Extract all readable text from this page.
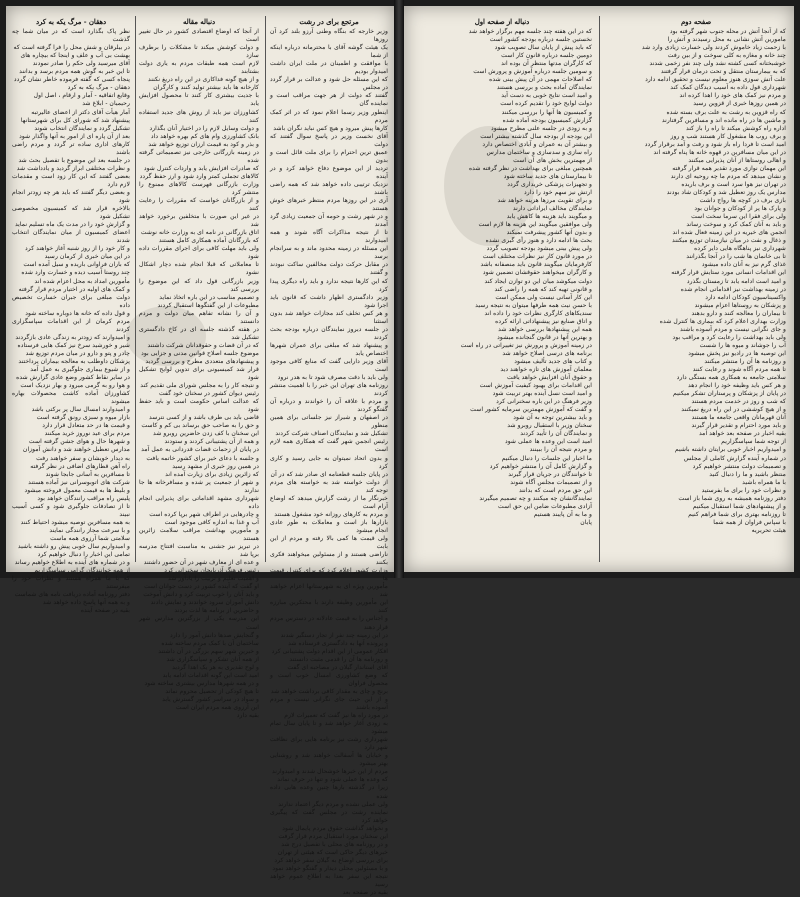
مرتجع برای در رشت
وزیر خارجه که بنگاه وطنی آرزو بلند کرد آن روزها
یک هیئت گوشه آقای با محترمانه درباره اینکه از شما
با موافقت و اطمینان در ملت ایران داشت امیدوار بودیم
که این مسئله حل شود و عدالت بر قرار گردد در مجلس
گفتند که دولت از هر جهت مراقب است و نماینده گان
اینطور وزیر رسما اعلام نمود که در اثر کمک مردم
کارها پیش میرود و هیچ کس نباید نگران باشد
آقای نخست وزیر در پاسخ سوال گفتند که دولت
عمیق ترین احترام را برای ملت قائل است و بدون
تردید از این موضوع دفاع خواهد کرد و در آینده
نزدیک ترتیبی داده خواهد شد که همه راضی باشند
آری در این روزها مردم منتظر خبرهای خوش هستند
و در شهر رشت و حومه آن جمعیت زیادی گرد آمدند
تا از نتیجه مذاکرات آگاه شوند و همه امیدوارند
این مسئله در زمینه محدود ماند و به سرانجام برسد
در مقابل حرکت دولت مخالفین ساکت نبودند و گفتند
که این کارها نتیجه ندارد و باید راه دیگری پیدا کرد
وزیر دادگستری اظهار داشت که قانون باید اجرا شود
و هر کس تخلف کند مجازات خواهد شد بدون استثنا
در جلسه دیروز نمایندگان درباره بودجه بحث کردند
و پیشنهاد شد که مبلغی برای عمران شهرها اختصاص یابد
آقای وزیر دارایی گفت که منابع کافی موجود است
ولی باید با دقت مصرف شود تا به هدر نرود
روزنامه های تهران این خبر را با اهمیت منتشر کردند
و مردم با علاقه آن را خواندند و درباره آن گفتگو کردند
در اصفهان و شیراز نیز جلساتی برای همین منظور
تشکیل شد و نمایندگان اصناف شرکت کردند
رئیس انجمن شهر گفت که همکاری همه لازم است
و بدون اتحاد نمیتوان به جایی رسید و کاری کرد
در پایان جلسه قطعنامه ای صادر شد که در آن
از دولت خواسته شد به خواسته های مردم توجه کند
خبرنگار ما از رشت گزارش میدهد که اوضاع آرام است
و مردم به کارهای روزانه خود مشغول هستند
بازارها باز است و معاملات به طور عادی انجام میشود
ولی قیمت ها کمی بالا رفته و مردم از این بابت
ناراضی هستند و از مسئولین میخواهند فکری بکنند
وزارت کشور اعلام کرد که برای کنترل قیمت ها
مأمورین ویژه ای به شهرستانها اعزام خواهند شد
این مأمورین وظیفه دارند با محتکرین مبارزه کنند
و اجناس را به قیمت عادلانه در دسترس مردم قرار دهند
در این زمینه چند نفر از تجار دستگیر شدند
و پرونده آنها به دادگستری فرستاده شد
افکار عمومی از این اقدام دولت پشتیبانی کرد
و روزنامه ها آن را قدمی مثبت دانستند
آقای استاندار گیلان در مصاحبه ای گفت
که وضع کشاورزی امسال خوب است و محصول فراوان
برنج و چای به مقدار کافی برداشت خواهد شد
و از این حیث جای نگرانی نیست و مردم آسوده باشند
در مورد راه ها نیز گفت که تعمیرات لازم
به زودی آغاز خواهد شد و تا پایان سال تمام میشود
شهرداری رشت نیز برنامه هایی برای نظافت شهر دارد
و خیابان ها آسفالت خواهند شد و روشنایی بهتر میشود
مردم از این خبرها خوشحال شدند و امیدوارند
که وعده ها عملی شود و تنها در حرف نماند
زیرا در گذشته بارها چنین وعده هایی داده شده
ولی عملی نشده و مردم دیگر اعتماد ندارند
نماینده رشت در مجلس گفت که پیگیری خواهد کرد
و نخواهد گذاشت حقوق مردم پایمال شود
این سخنان مورد استقبال مردم قرار گرفت
و در روزنامه های محلی با تفصیل درج شد
خبرهای دیگر حاکی است که هیئتی از تهران
برای بررسی اوضاع به گیلان سفر خواهد کرد
و با مسئولین محلی دیدار و گفتگو خواهد نمود
نتیجه این سفر بعدا به اطلاع عموم خواهد رسید
بقیه در صفحه بعد
دنباله مقاله
از آنجا که اوضاع اقتصادی کشور در حال تغییر است
و دولت کوشش میکند تا مشکلات را برطرف سازد
لازم است همه طبقات مردم به یاری دولت بشتابند
و از هیچ گونه فداکاری در این راه دریغ نکنند
کارخانه ها باید بیشتر تولید کنند و کارگران
با جدیت بیشتری کار کنند تا محصول افزایش یابد
کشاورزان نیز باید از روش های جدید استفاده کنند
و دولت وسایل لازم را در اختیار آنان بگذارد
بانک کشاورزی وام های کم بهره خواهد داد
و بذر و کود به قیمت ارزان توزیع خواهد شد
در زمینه بازرگانی خارجی نیز تصمیماتی گرفته شده
که صادرات افزایش یابد و واردات کنترل شود
کالاهای تجملی کمتر وارد شود و ارز حفظ گردد
وزارت بازرگانی فهرست کالاهای ممنوع را منتشر کرد
و از بازرگانان خواست که مقررات را رعایت کنند
در غیر این صورت با متخلفین برخورد خواهد شد
اتاق بازرگانی در نامه ای به وزارت خانه نوشت
که بازرگانان آماده همکاری کامل هستند
ولی باید مهلت کافی برای اجرای مقررات داده شود
تا معاملاتی که قبلا انجام شده دچار اشکال نشود
وزیر بازرگانی قول داد که این موضوع را بررسی کند
و تصمیم مناسب در این باره اتخاذ نماید
مطبوعات از این گفتگوها استقبال کردند
و آن را نشانه تفاهم میان دولت و مردم دانستند
در هفته گذشته جلسه ای در کاخ دادگستری تشکیل شد
که در آن قضات و حقوقدانان شرکت داشتند
موضوع جلسه اصلاح قوانین مدنی و جزایی بود
و پیشنهادهای متعددی مطرح و بررسی گردید
قرار شد کمیسیونی برای تدوین لوایح تشکیل شود
و نتیجه کار را به مجلس شورای ملی تقدیم کند
رئیس دیوان کشور در سخنان خود گفت
که عدالت اساس حکومت است و باید حفظ شود
قاضی باید بی طرف باشد و از کسی نترسد
و حق را به صاحب حق برساند بی کم و کاست
این سخنان با کف زدن حاضرین روبرو شد
و همه از آن پشتیبانی کردند و ستودند
در پایان از زحمات قضات قدردانی به عمل آمد
و جلسه با دعای خیر برای کشور خاتمه یافت
در همین روز خبری از مشهد رسید
که زائرین زیادی برای زیارت آمده اند
و شهر از جمعیت پر شده و مسافرخانه ها جا ندارند
شهرداری مشهد اقداماتی برای پذیرایی انجام داده
و چادرهایی در اطراف شهر برپا کرده است
آب و غذا به اندازه کافی موجود است
و مأمورین بهداشت مراقب سلامت زائرین هستند
در تبریز نیز جشنی به مناسبت افتتاح مدرسه برپا شد
و عده ای از معارف شهر در آن حضور داشتند
رئیس فرهنگ آذربایجان سخنرانی کرد
و اهمیت تعلیم و تربیت را یادآور شد
او گفت که آینده کشور در دست جوانان است
و باید آنان را خوب تربیت کرد و دانش آموخت
دانش آموزان سرود خواندند و نمایش دادند
و حاضرین از برنامه ها لذت بردند
این مدرسه یکی از بزرگترین مدارس شهر است
و گنجایش صدها دانش آموز را دارد
ساختمان آن با کمک مردم ساخته شده
و خیرین شهر سهم بزرگی در آن داشتند
از همه آنان تشکر و سپاسگزاری شد
و لوح تقدیری به هر یک اهدا گردید
امید است این گونه اقدامات ادامه یابد
و در همه شهرها مدارس بیشتری ساخته شود
تا هیچ کودکی از تحصیل محروم نماند
و سواد در سراسر کشور گسترش یابد
این آرزوی همه مردم ایران است
بقیه دارد
دهقان - مرگ یکه به کرد
نظر پاک بگذارد است که در میان شما چه گذشت
در بیلرقان و شش محل را فرا گرفته است که
بهشت بی آب و علف و اینجا که بیچاره های
آقای میرسید ولی حکم را صادر نمودند
تا این خبر به گوش همه مردم برسد و بدانند
پنجاه کسی که گفته فرموده خاطر نشان گردد
دهقان - مرگ یکه به کرد
وقایع اتفاقیه - آمار و ارقام ، اصل اول
رحیمیان - ابلاغ شد
آمار هیأت آقای دکتر از اعضای عالیرتبه
پیشنهاد شد که شورای کل برای شهرستانها
تشکیل گردد و نمایندگان انتخاب شوند
بعد از آن پاره ای از امور به آنها واگذار شود
کارهای اداری ساده تر گردد و مردم راضی باشند
در جلسه بعد این موضوع با تفصیل بحث شد
و نظرات مختلفی ابراز گردید و یادداشت شد
بعضی گفتند که این کار زود است و مقدمات لازم دارد
و بعضی دیگر گفتند که باید هر چه زودتر انجام شود
بالاخره قرار شد که کمیسیون مخصوصی تشکیل شود
و گزارش خود را در مدت یک ماه تسلیم نماید
اعضای کمیسیون از میان نمایندگان انتخاب شدند
و کار خود را از روز شنبه آغاز خواهند کرد
در این میان خبری از کرمان رسید
که باران فراوانی باریده و سیل آمده است
چند روستا آسیب دیده و خسارت وارد شده
مأمورین امداد به محل اعزام شده اند
و کمک های اولیه در اختیار مردم قرار گرفته
دولت مبلغی برای جبران خسارت تخصیص داده
و قول داده که خانه ها دوباره ساخته شود
مردم کرمان از این اقدامات سپاسگزاری کردند
و امیدوارند که زودتر به زندگی عادی بازگردند
شیر و خورشید سرخ نیز کمک هایی فرستاده
چادر و پتو و دارو در میان مردم توزیع شد
پزشکان داوطلب به معالجه بیماران پرداختند
و از شیوع بیماری جلوگیری به عمل آمد
در سایر نقاط کشور وضع عادی گزارش شده
و هوا رو به گرمی میرود و بهار نزدیک است
کشاورزان آماده کاشت محصولات بهاره میشوند
و امیدوارند امسال سال پر برکتی باشد
بازار میوه و سبزی رونق گرفته است
و قیمت ها در حد متعادل قرار دارد
مردم برای عید نوروز خرید میکنند
و شهرها حال و هوای جشن گرفته است
مدارس تعطیل خواهند شد و دانش آموزان
به دیدار خویشان و سفر خواهند رفت
راه آهن قطارهای اضافی در نظر گرفته
تا مسافرین به آسانی جابجا شوند
شرکت های اتوبوسرانی نیز آماده هستند
و بلیط ها به قیمت معمول فروخته میشود
پلیس راه مراقب رانندگان خواهد بود
تا از تصادفات جلوگیری شود و کسی آسیب نبیند
به همه مسافرین توصیه میشود احتیاط کنند
و با سرعت مجاز رانندگی نمایند
سلامتی شما آرزوی همه ماست
و امیدواریم سال خوبی پیش رو داشته باشید
تمامی این اخبار را دنبال خواهیم کرد
و در شماره های آینده به اطلاع خواهیم رساند
از همه خوانندگان گرامی سپاسگزاریم
که با ما همراه هستند و نظرات خود را میفرستند
دفتر روزنامه آماده دریافت نامه های شماست
و به همه آنها پاسخ داده خواهد شد
بقیه در صفحه آینده
صفحه دوم
که از آنجا آتش در محله جنوب شهر گرفته بود
مامورین آتش نشانی به محل رسیدند و آتش را
با زحمت زیاد خاموش کردند ولی خسارت زیادی وارد شد
چند خانه و مغازه به کلی سوخت و از بین رفت
خوشبختانه کسی کشته نشد ولی چند نفر زخمی شدند
که به بیمارستان منتقل و تحت درمان قرار گرفتند
علت آتش سوزی هنوز معلوم نیست و تحقیق ادامه دارد
شهرداری قول داده به آسیب دیدگان کمک کند
و مردم نیز کمک های خود را اهدا کرده اند
در همین روزها خبری از قزوین رسید
که راه قزوین به رشت به علت برف بسته شده
و ماشین ها در راه مانده اند و مسافرین گرفتارند
اداره راه کوشش میکند تا راه را باز کند
و برف روب ها مشغول کار هستند شب و روز
امید است تا فردا راه باز شود و رفت و آمد برقرار گردد
در این میان مسافرین در قهوه خانه ها پناه گرفته اند
و اهالی روستاها از آنان پذیرایی میکنند
این مهمان نوازی مورد تقدیر همه قرار گرفته
و نشان میدهد که مردم ما چه روحیه ای دارند
در تهران نیز هوا سرد است و برف باریده
مدارس یک روز تعطیل شد و کودکان شاد بودند
بازی برف در کوچه ها رواج داشت
و پارک ها پر از کودکان و جوانان بود
ولی برای فقرا این سرما سخت است
و باید به آنان کمک کرد و سوخت رساند
انجمن های خیریه در این زمینه فعال شده اند
و ذغال و نفت در میان نیازمندان توزیع میکنند
شهرداری نیز پناهگاه هایی دایر کرده
تا بی خانمان ها شب را در آنجا بگذرانند
غذای گرم نیز به آنان داده میشود
این اقدامات انسانی مورد ستایش قرار گرفته
و امید است ادامه یابد تا زمستان بگذرد
در زمینه بهداشت نیز اقداماتی انجام شده
واکسیناسیون کودکان ادامه دارد
و پزشکان به روستاها اعزام میشوند
تا بیماران را معالجه کنند و دارو بدهند
وزارت بهداری اعلام کرد که بیماری ها کنترل شده
و جای نگرانی نیست و مردم آسوده باشند
ولی باید بهداشت را رعایت کرد و مراقب بود
آب را جوشاند و میوه ها را شست
این توصیه ها در رادیو نیز پخش میشود
و روزنامه ها آن را منتشر میکنند
تا همه مردم آگاه شوند و رعایت کنند
سلامتی جامعه به همکاری همه بستگی دارد
و هر کس باید وظیفه خود را انجام دهد
در پایان از پزشکان و پرستاران تشکر میکنیم
که شب و روز در خدمت مردم هستند
و از هیچ کوششی در این راه دریغ نمیکنند
آنان قهرمانان واقعی جامعه ما هستند
و باید مورد احترام و تقدیر قرار گیرند
بقیه اخبار در صفحه بعد خواهد آمد
از توجه شما سپاسگزاریم
و امیدواریم اخبار خوبی برایتان داشته باشیم
در شماره آینده گزارش کاملی از مجلس
و تصمیمات دولت منتشر خواهیم کرد
منتظر باشید و ما را دنبال کنید
با ما همراه باشید
و نظرات خود را برای ما بفرستید
دفتر روزنامه همیشه به روی شما باز است
و از پیشنهادهای شما استقبال میکنیم
تا روزنامه بهتری برای شما فراهم کنیم
با سپاس فراوان از همه شما
هیئت تحریریه
دنباله از صفحه اول
که در این هفته چند جلسه مهم برگزار خواهد شد
نخستین جلسه درباره بودجه کشور است
که باید پیش از پایان سال تصویب شود
دومین جلسه درباره قانون کار است
که کارگران مدتها منتظر آن بوده اند
و سومین جلسه درباره آموزش و پرورش است
که اصلاحات مهمی در آن پیش بینی شده
نمایندگان آماده بحث و بررسی هستند
و امید است نتایج خوبی به دست آید
دولت لوایح خود را تقدیم کرده است
و کمیسیون ها آنها را بررسی میکنند
گزارش کمیسیون بودجه آماده شده
و به زودی در جلسه علنی مطرح میشود
این بودجه از بودجه سال گذشته بیشتر است
و بیشتر آن به عمران و آبادی اختصاص دارد
راه سازی و سدسازی و ساختمان مدارس
از مهمترین بخش های آن است
همچنین مبلغی برای بهداشت در نظر گرفته شده
تا بیمارستان های جدید ساخته شود
و تجهیزات پزشکی خریداری گردد
ارتش نیز سهم خود را دارد
و برای تقویت مرزها هزینه خواهد شد
نمایندگان مخالف ایراداتی دارند
و میگویند باید هزینه ها کاهش یابد
ولی موافقین میگویند این هزینه ها لازم است
و بدون آنها کشور پیشرفت نمیکند
بحث ها ادامه دارد و هنوز رأی گیری نشده
ولی پیش بینی میشود بودجه تصویب گردد
در مورد قانون کار نیز نظرات مختلف است
کارفرمایان میگویند قانون باید منصفانه باشد
و کارگران میخواهند حقوقشان تضمین شود
دولت میکوشد میان این دو توازن ایجاد کند
و قانونی تهیه کند که همه را راضی کند
این کار آسانی نیست ولی ممکن است
با حسن نیت همه طرفها میتوان به نتیجه رسید
سندیکاهای کارگری نظرات خود را داده اند
و اتاق صنایع نیز پیشنهاداتی ارائه کرده
همه این پیشنهادها بررسی خواهد شد
و بهترین آنها در قانون گنجانده میشود
در زمینه آموزش و پرورش نیز تغییراتی در راه است
برنامه های درسی اصلاح خواهد شد
و کتاب های جدید تألیف میشود
معلمان آموزش های تازه خواهند دید
و حقوق آنان افزایش خواهد یافت
این اقدامات برای بهبود کیفیت آموزش است
و امید است نسل آینده بهتر تربیت شود
وزیر فرهنگ در این باره سخنرانی کرد
و گفت که آموزش مهمترین سرمایه کشور است
و باید بیشترین توجه به آن شود
سخنان وزیر با استقبال روبرو شد
و نمایندگان آن را تأیید کردند
امید است این وعده ها عملی شود
و مردم نتیجه آن را ببینند
ما اخبار این جلسات را دنبال میکنیم
و گزارش کامل آن را منتشر خواهیم کرد
تا خوانندگان در جریان قرار گیرند
و از تصمیمات مجلس آگاه شوند
این حق مردم است که بدانند
نمایندگانشان چه میکنند و چه تصمیم میگیرند
آزادی مطبوعات ضامن این حق است
و ما به آن پایبند هستیم
پایان
